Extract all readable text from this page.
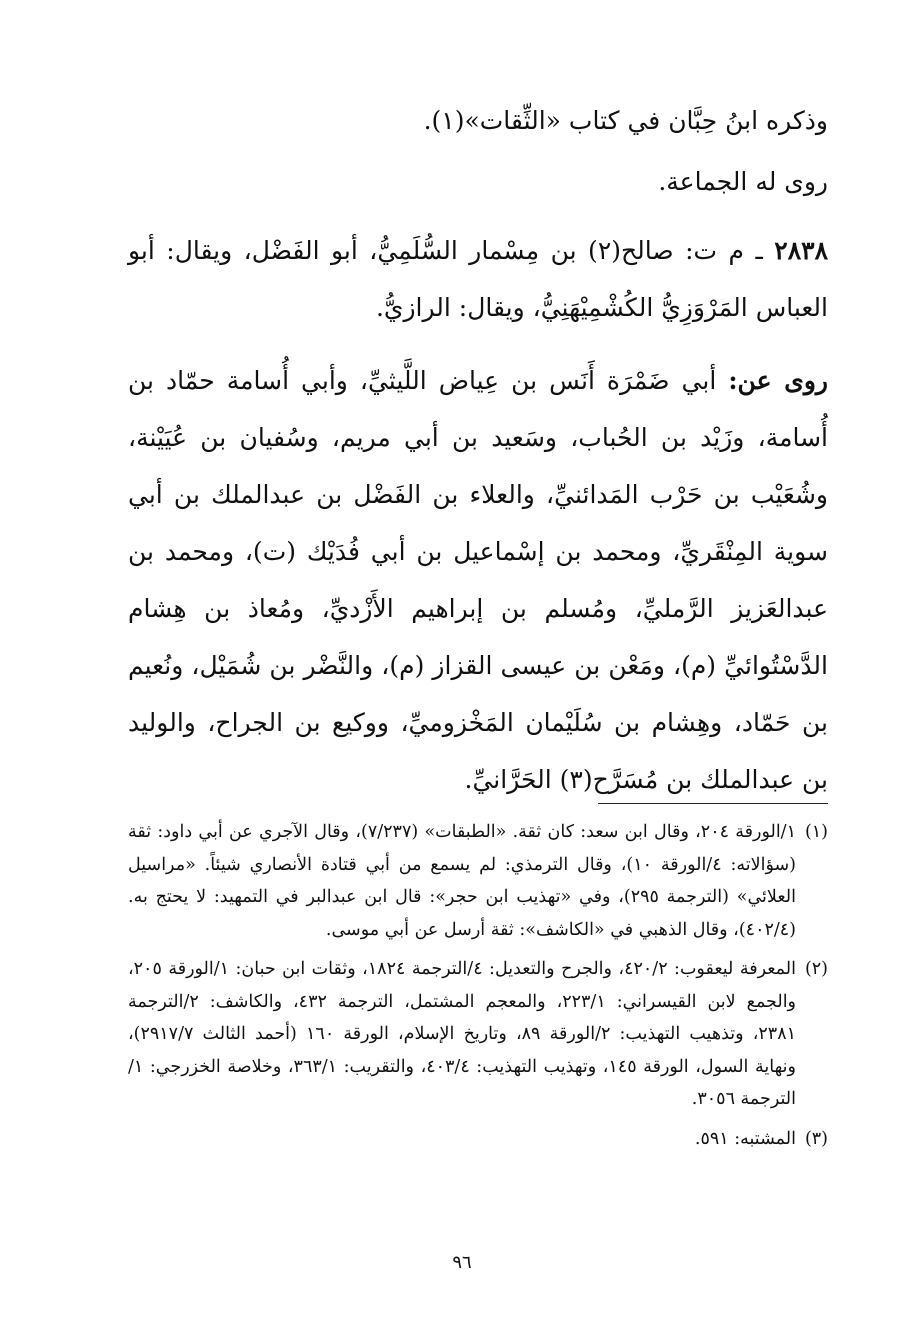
وذكره ابنُ حِبَّان في كتاب «الثِّقات»(١).

روى له الجماعة.

٢٨٣٨ ـ م ت: صالح(٢) بن مِسْمار السُّلَمِيُّ، أبو الفَضْل، ويقال: أبو العباس المَرْوَزِيُّ الكُشْمِيْهَنِيُّ، ويقال: الرازيُّ.

روى عن: أبي ضَمْرَة أَنَس بن عِياض اللَّيثيِّ، وأبي أُسامة حمّاد بن أُسامة، وزَيْد بن الحُباب، وسَعيد بن أبي مريم، وسُفيان بن عُيَيْنة، وشُعَيْب بن حَرْب المَدائنيِّ، والعلاء بن الفَضْل بن عبدالملك بن أبي سوية المِنْقَريِّ، ومحمد بن إسْماعيل بن أبي فُدَيْك (ت)، ومحمد بن عبدالعَزيز الرَّمليِّ، ومُسلم بن إبراهيم الأَزْديِّ، ومُعاذ بن هِشام الدَّسْتُوائيِّ (م)، ومَعْن بن عيسى القزاز (م)، والنَّضْر بن شُمَيْل، ونُعيم بن حَمّاد، وهِشام بن سُلَيْمان المَخْزوميِّ، ووكيع بن الجراح، والوليد بن عبدالملك بن مُسَرَّح(٣) الحَرَّانيِّ.

(١)
١/الورقة ٢٠٤، وقال ابن سعد: كان ثقة. «الطبقات» (٧/٢٣٧)، وقال الآجري عن أبي داود: ثقة (سؤالاته: ٤/الورقة ١٠)، وقال الترمذي: لم يسمع من أبي قتادة الأنصاري شيئاً. «مراسيل العلائي» (الترجمة ٢٩٥)، وفي «تهذيب ابن حجر»: قال ابن عبدالبر في التمهيد: لا يحتج به. (٤٠٢/٤)، وقال الذهبي في «الكاشف»: ثقة أرسل عن أبي موسى.
(٢)
المعرفة ليعقوب: ٤٢٠/٢، والجرح والتعديل: ٤/الترجمة ١٨٢٤، وثقات ابن حبان: ١/الورقة ٢٠٥، والجمع لابن القيسراني: ٢٢٣/١، والمعجم المشتمل، الترجمة ٤٣٢، والكاشف: ٢/الترجمة ٢٣٨١، وتذهيب التهذيب: ٢/الورقة ٨٩، وتاريخ الإسلام، الورقة ١٦٠ (أحمد الثالث ٢٩١٧/٧)، ونهاية السول، الورقة ١٤٥، وتهذيب التهذيب: ٤٠٣/٤، والتقريب: ٣٦٣/١، وخلاصة الخزرجي: ١/الترجمة ٣٠٥٦.
(٣)
المشتبه: ٥٩١.
٩٦
